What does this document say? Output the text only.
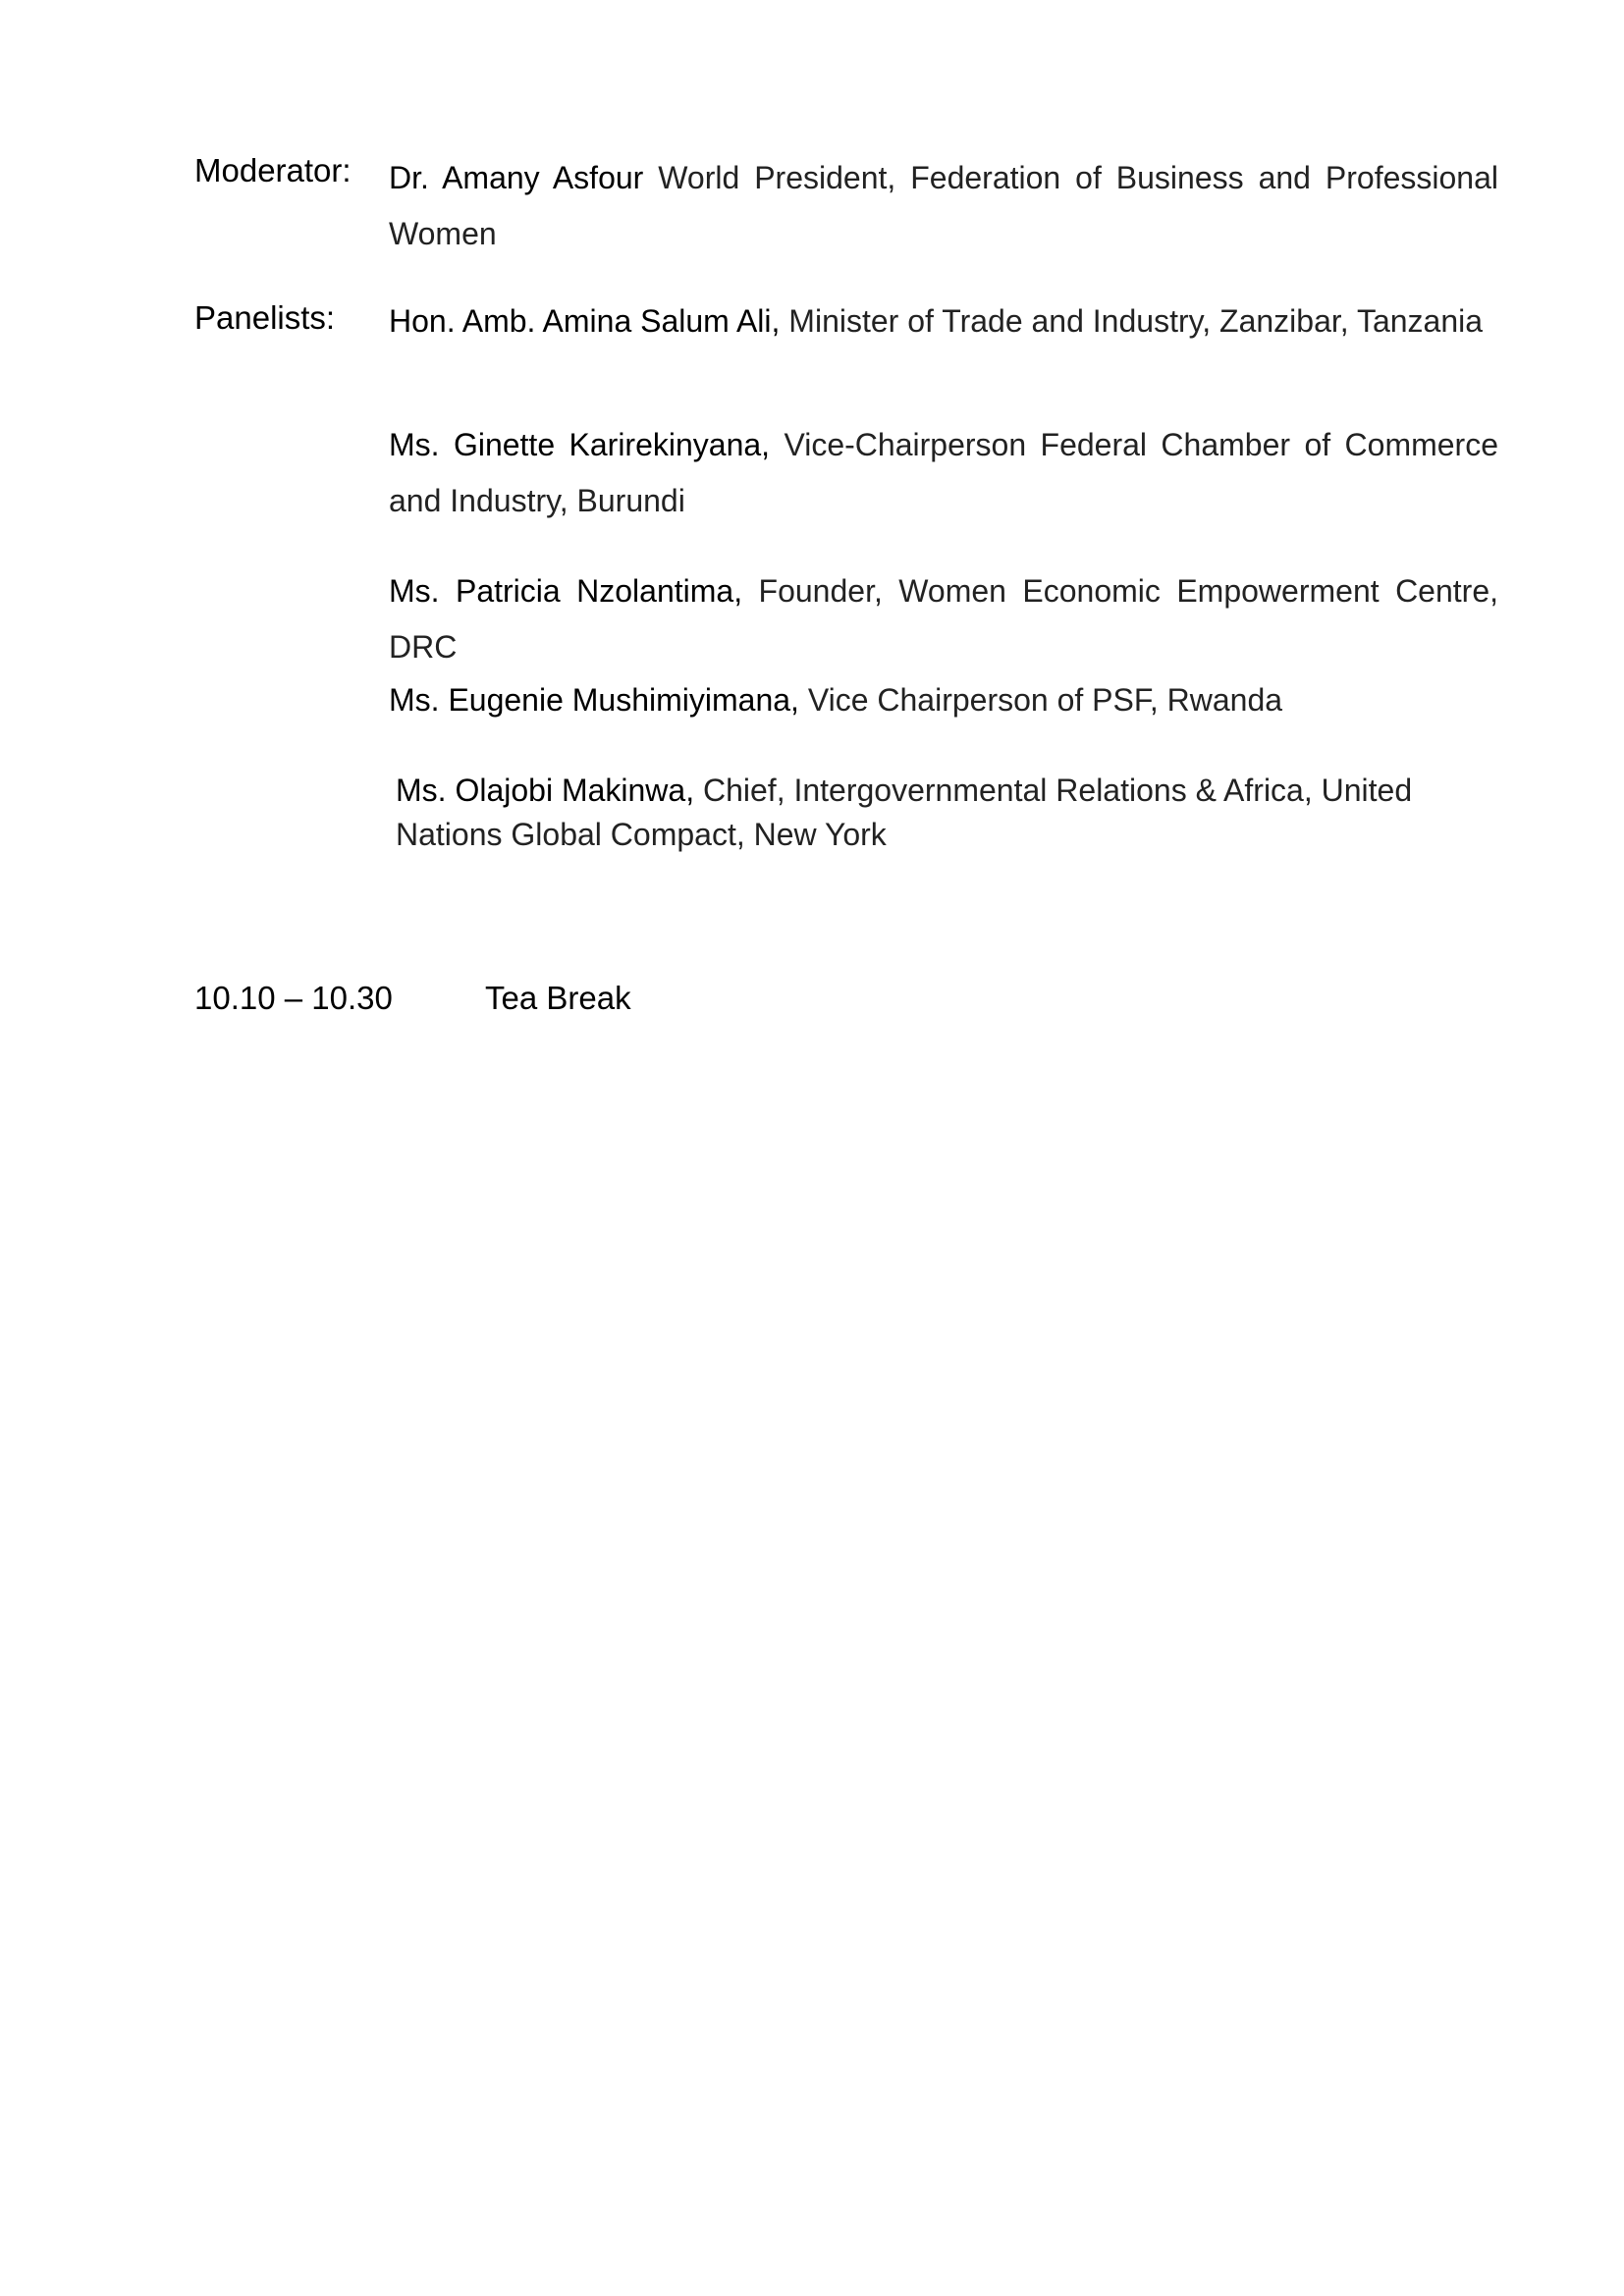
Moderator: Dr. Amany Asfour World President, Federation of Business and Professional Women
Panelists: Hon. Amb. Amina Salum Ali, Minister of Trade and Industry, Zanzibar, Tanzania
Ms. Ginette Karirekinyana, Vice-Chairperson Federal Chamber of Commerce and Industry, Burundi
Ms. Patricia Nzolantima, Founder, Women Economic Empowerment Centre, DRC
Ms. Eugenie Mushimiyimana, Vice Chairperson of PSF, Rwanda
Ms. Olajobi Makinwa, Chief, Intergovernmental Relations & Africa, United Nations Global Compact, New York
10.10 – 10.30	Tea Break
